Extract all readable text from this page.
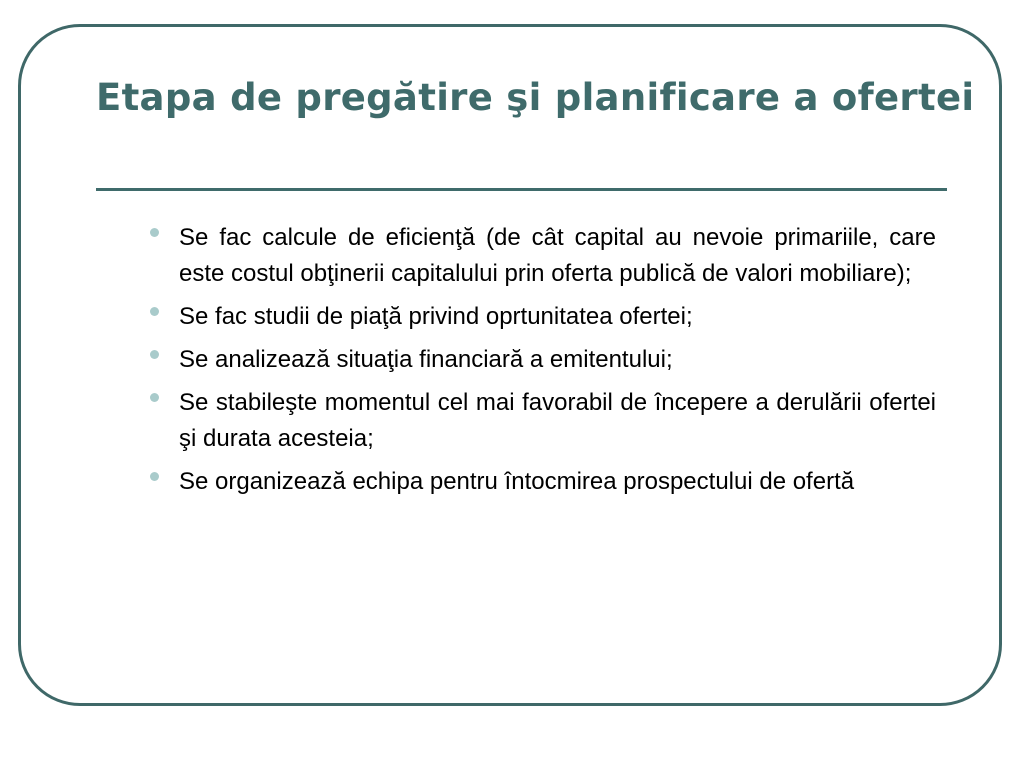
Etapa de pregătire şi planificare a ofertei
Se fac calcule de eficienţă (de cât capital au nevoie primariile, care este costul obţinerii capitalului prin oferta publică de valori mobiliare);
Se fac studii de piaţă privind oprtunitatea ofertei;
Se analizează situaţia financiară a emitentului;
Se stabileşte momentul cel mai favorabil de începere a derulării ofertei şi durata acesteia;
Se organizează echipa pentru întocmirea prospectului de ofertă
